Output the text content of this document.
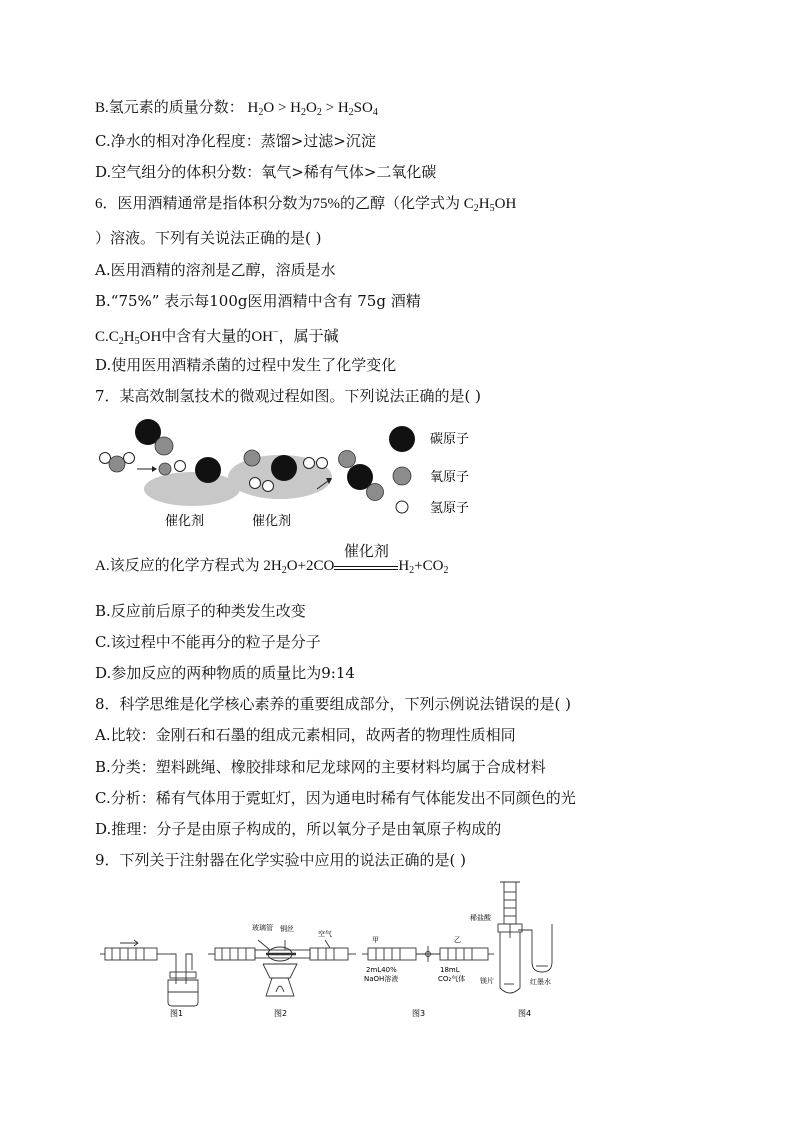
B.氢元素的质量分数： $H_2O > H_2O_2 > H_2SO_4$
C.净水的相对净化程度：蒸馏>过滤>沉淀
D.空气组分的体积分数：氧气>稀有气体>二氧化碳
6．医用酒精通常是指体积分数为75%的乙醇（化学式为 $C_2H_5OH$
）溶液。下列有关说法正确的是( )
A.医用酒精的溶剂是乙醇，溶质是水
B.“75%” 表示每100g医用酒精中含有 75g 酒精
$C.C_2H_5OH$中含有大量的OH−，属于碱
D.使用医用酒精杀菌的过程中发生了化学变化
7．某高效制氢技术的微观过程如图。下列说法正确的是( )
碳原子
氧原子
氢原子
催化剂	催化剂
A.该反应的化学方程式为 $2H_2O+2CO$
催化剂
$H_2+CO_2$
B.反应前后原子的种类发生改变
C.该过程中不能再分的粒子是分子
D.参加反应的两种物质的质量比为9:14
8．科学思维是化学核心素养的重要组成部分，下列示例说法错误的是( )
A.比较：金刚石和石墨的组成元素相同，故两者的物理性质相同
B.分类：塑料跳绳、橡胶排球和尼龙球网的主要材料均属于合成材料
C.分析：稀有气体用于霓虹灯，因为通电时稀有气体能发出不同颜色的光
D.推理：分子是由原子构成的，所以氧分子是由氧原子构成的
9．下列关于注射器在化学实验中应用的说法正确的是( )
玻璃管 铜丝
空气
甲	乙
2mL40%
NaOH溶液
18mL
CO₂气体
稀盐酸
镁片	红墨水
图1	图2	图3	图4
